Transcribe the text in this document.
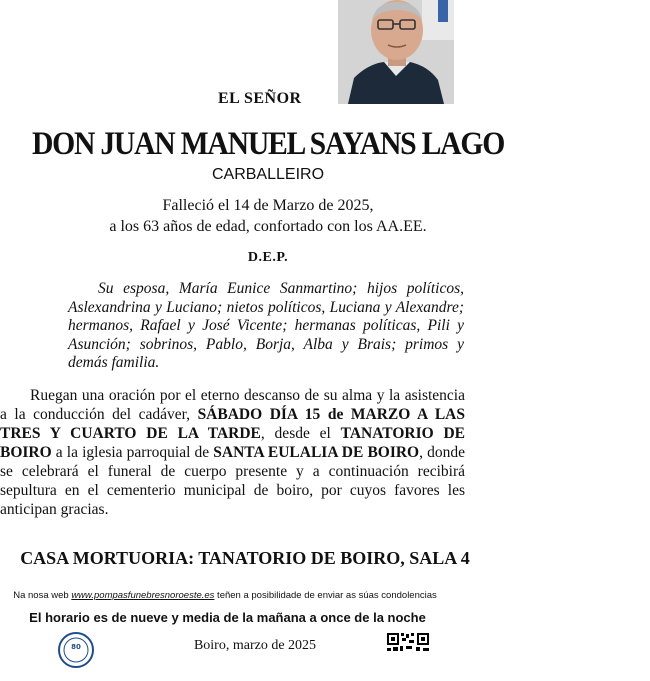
EL SEÑOR
DON JUAN MANUEL SAYANS LAGO
CARBALLEIRO
Falleció el 14 de Marzo de 2025,
a los 63 años de edad, confortado con los AA.EE.
D.E.P.
Su esposa, María Eunice Sanmartino; hijos políticos, Aslexandrina y Luciano; nietos políticos, Luciana y Alexandre; hermanos, Rafael y José Vicente; hermanas políticas, Pili y Asunción; sobrinos, Pablo, Borja, Alba y Brais; primos y demás familia.
Ruegan una oración por el eterno descanso de su alma y la asistencia a la conducción del cadáver, SÁBADO DÍA 15 de MARZO A LAS TRES Y CUARTO DE LA TARDE, desde el TANATORIO DE BOIRO a la iglesia parroquial de SANTA EULALIA DE BOIRO, donde se celebrará el funeral de cuerpo presente y a continuación recibirá sepultura en el cementerio municipal de boiro, por cuyos favores les anticipan gracias.
CASA MORTUORIA: TANATORIO DE BOIRO, SALA 4
Na nosa web www.pompasfunebresnoroeste.es teñen a posibilidade de enviar as súas condolencias
El horario es de nueve y media de la mañana a once de la noche
80	Boiro, marzo de 2025
